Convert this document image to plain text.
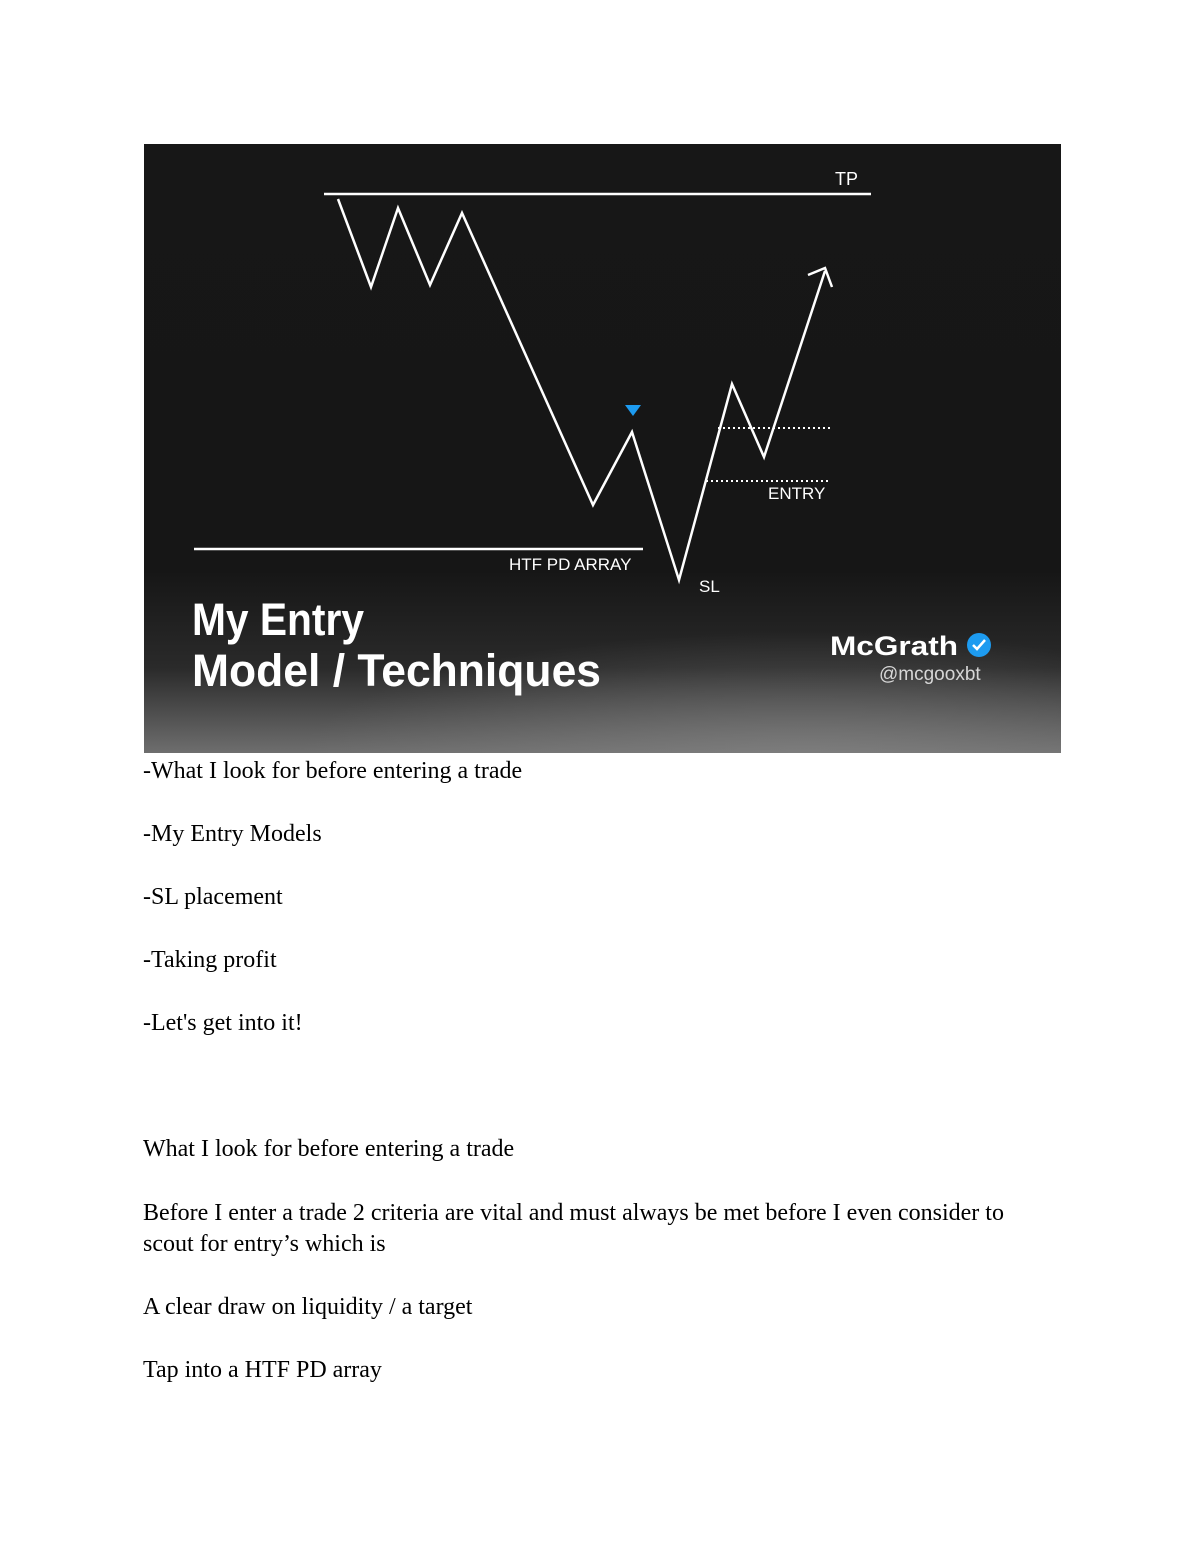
TP
HTF PD ARRAY
ENTRY
SL
My Entry
Model / Techniques	McGrath
@mcgooxbt
-What I look for before entering a trade
-My Entry Models
-SL placement
-Taking profit
-Let's get into it!
What I look for before entering a trade
Before I enter a trade 2 criteria are vital and must always be met before I even consider to scout for entry’s which is
A clear draw on liquidity / a target
Tap into a HTF PD array
